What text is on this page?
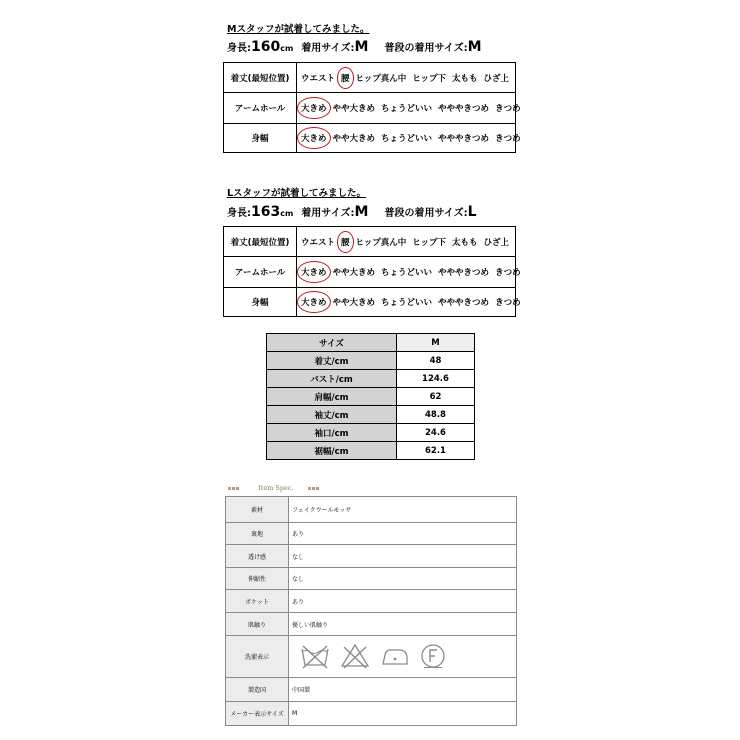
Mスタッフが試着してみました。
身長:160cm 着用サイズ:M 普段の着用サイズ:M
着丈(最短位置)	ウエスト 腰 ヒップ真ん中 ヒップ下 太もも ひざ上
アームホール	大きめ やや大きめ ちょうどいい やややきつめ きつめ
身幅	大きめ やや大きめ ちょうどいい やややきつめ きつめ
Lスタッフが試着してみました。
身長:163cm 着用サイズ:M 普段の着用サイズ:L
着丈(最短位置)	ウエスト 腰 ヒップ真ん中 ヒップ下 太もも ひざ上
アームホール	大きめ やや大きめ ちょうどいい やややきつめ きつめ
身幅	大きめ やや大きめ ちょうどいい やややきつめ きつめ
サイズ	M
着丈/cm	48
バスト/cm	124.6
肩幅/cm	62
袖丈/cm	48.8
袖口/cm	24.6
裾幅/cm	62.1
Item Spec.
素材	フェイクウールモッサ
裏地	あり
透け感	なし
伸縮性	なし
ポケット	あり
肌触り	優しい肌触り
洗濯表示	

製造国	中国製
メーカー表示サイズ	M
